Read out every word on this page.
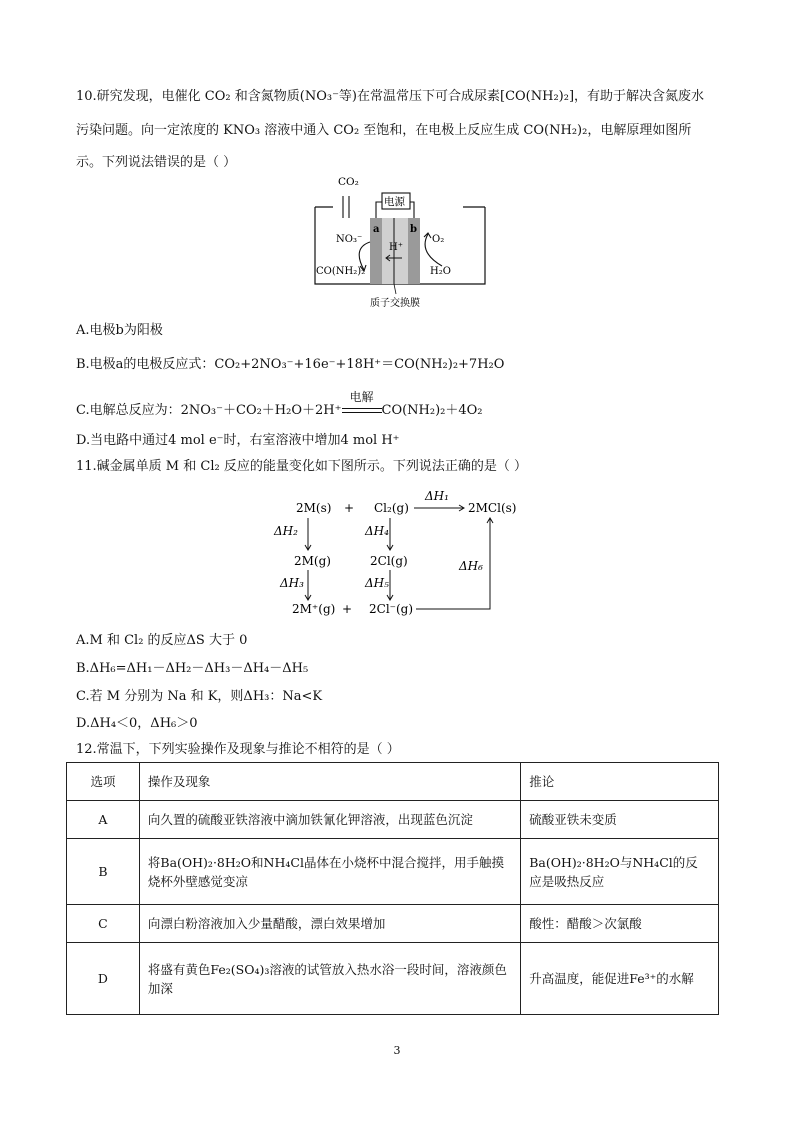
10.研究发现，电催化 CO₂ 和含氮物质(NO₃⁻等)在常温常压下可合成尿素[CO(NH₂)₂]，有助于解决含氮废水
污染问题。向一定浓度的 KNO₃ 溶液中通入 CO₂ 至饱和，在电极上反应生成 CO(NH₂)₂，电解原理如图所
示。下列说法错误的是（ ）
CO₂
电源
a	b
H⁺
NO₃⁻
CO(NH₂)₂
O₂
H₂O
质子交换膜
A.电极b为阳极
B.电极a的电极反应式：CO₂+2NO₃⁻+16e⁻+18H⁺＝CO(NH₂)₂+7H₂O
C.电解总反应为：2NO₃⁻＋CO₂＋H₂O＋2H⁺
电解
CO(NH₂)₂＋4O₂
D.当电路中通过4 mol e⁻时，右室溶液中增加4 mol H⁺
11.碱金属单质 M 和 Cl₂ 反应的能量变化如下图所示。下列说法正确的是（ ）
2M(s) + Cl₂(g)
ΔH₁
2MCl(s)
ΔH₂	ΔH₄
2M(g)	2Cl(g)	ΔH₆
ΔH₃	ΔH₅
2M⁺(g) + 2Cl⁻(g)
A.M 和 Cl₂ 的反应ΔS 大于 0
B.ΔH₆=ΔH₁－ΔH₂－ΔH₃－ΔH₄－ΔH₅
C.若 M 分别为 Na 和 K，则ΔH₃：Na<K
D.ΔH₄＜0，ΔH₆＞0
12.常温下，下列实验操作及现象与推论不相符的是（ ）
选项	操作及现象	推论
A	向久置的硫酸亚铁溶液中滴加铁氰化钾溶液，出现蓝色沉淀	硫酸亚铁未变质
B	将Ba(OH)₂·8H₂O和NH₄Cl晶体在小烧杯中混合搅拌，用手触摸烧杯外壁感觉变凉	Ba(OH)₂·8H₂O与NH₄Cl的反应是吸热反应
C	向漂白粉溶液加入少量醋酸，漂白效果增加	酸性：醋酸＞次氯酸
D	将盛有黄色Fe₂(SO₄)₃溶液的试管放入热水浴一段时间，溶液颜色加深	升高温度，能促进Fe³⁺的水解
3
